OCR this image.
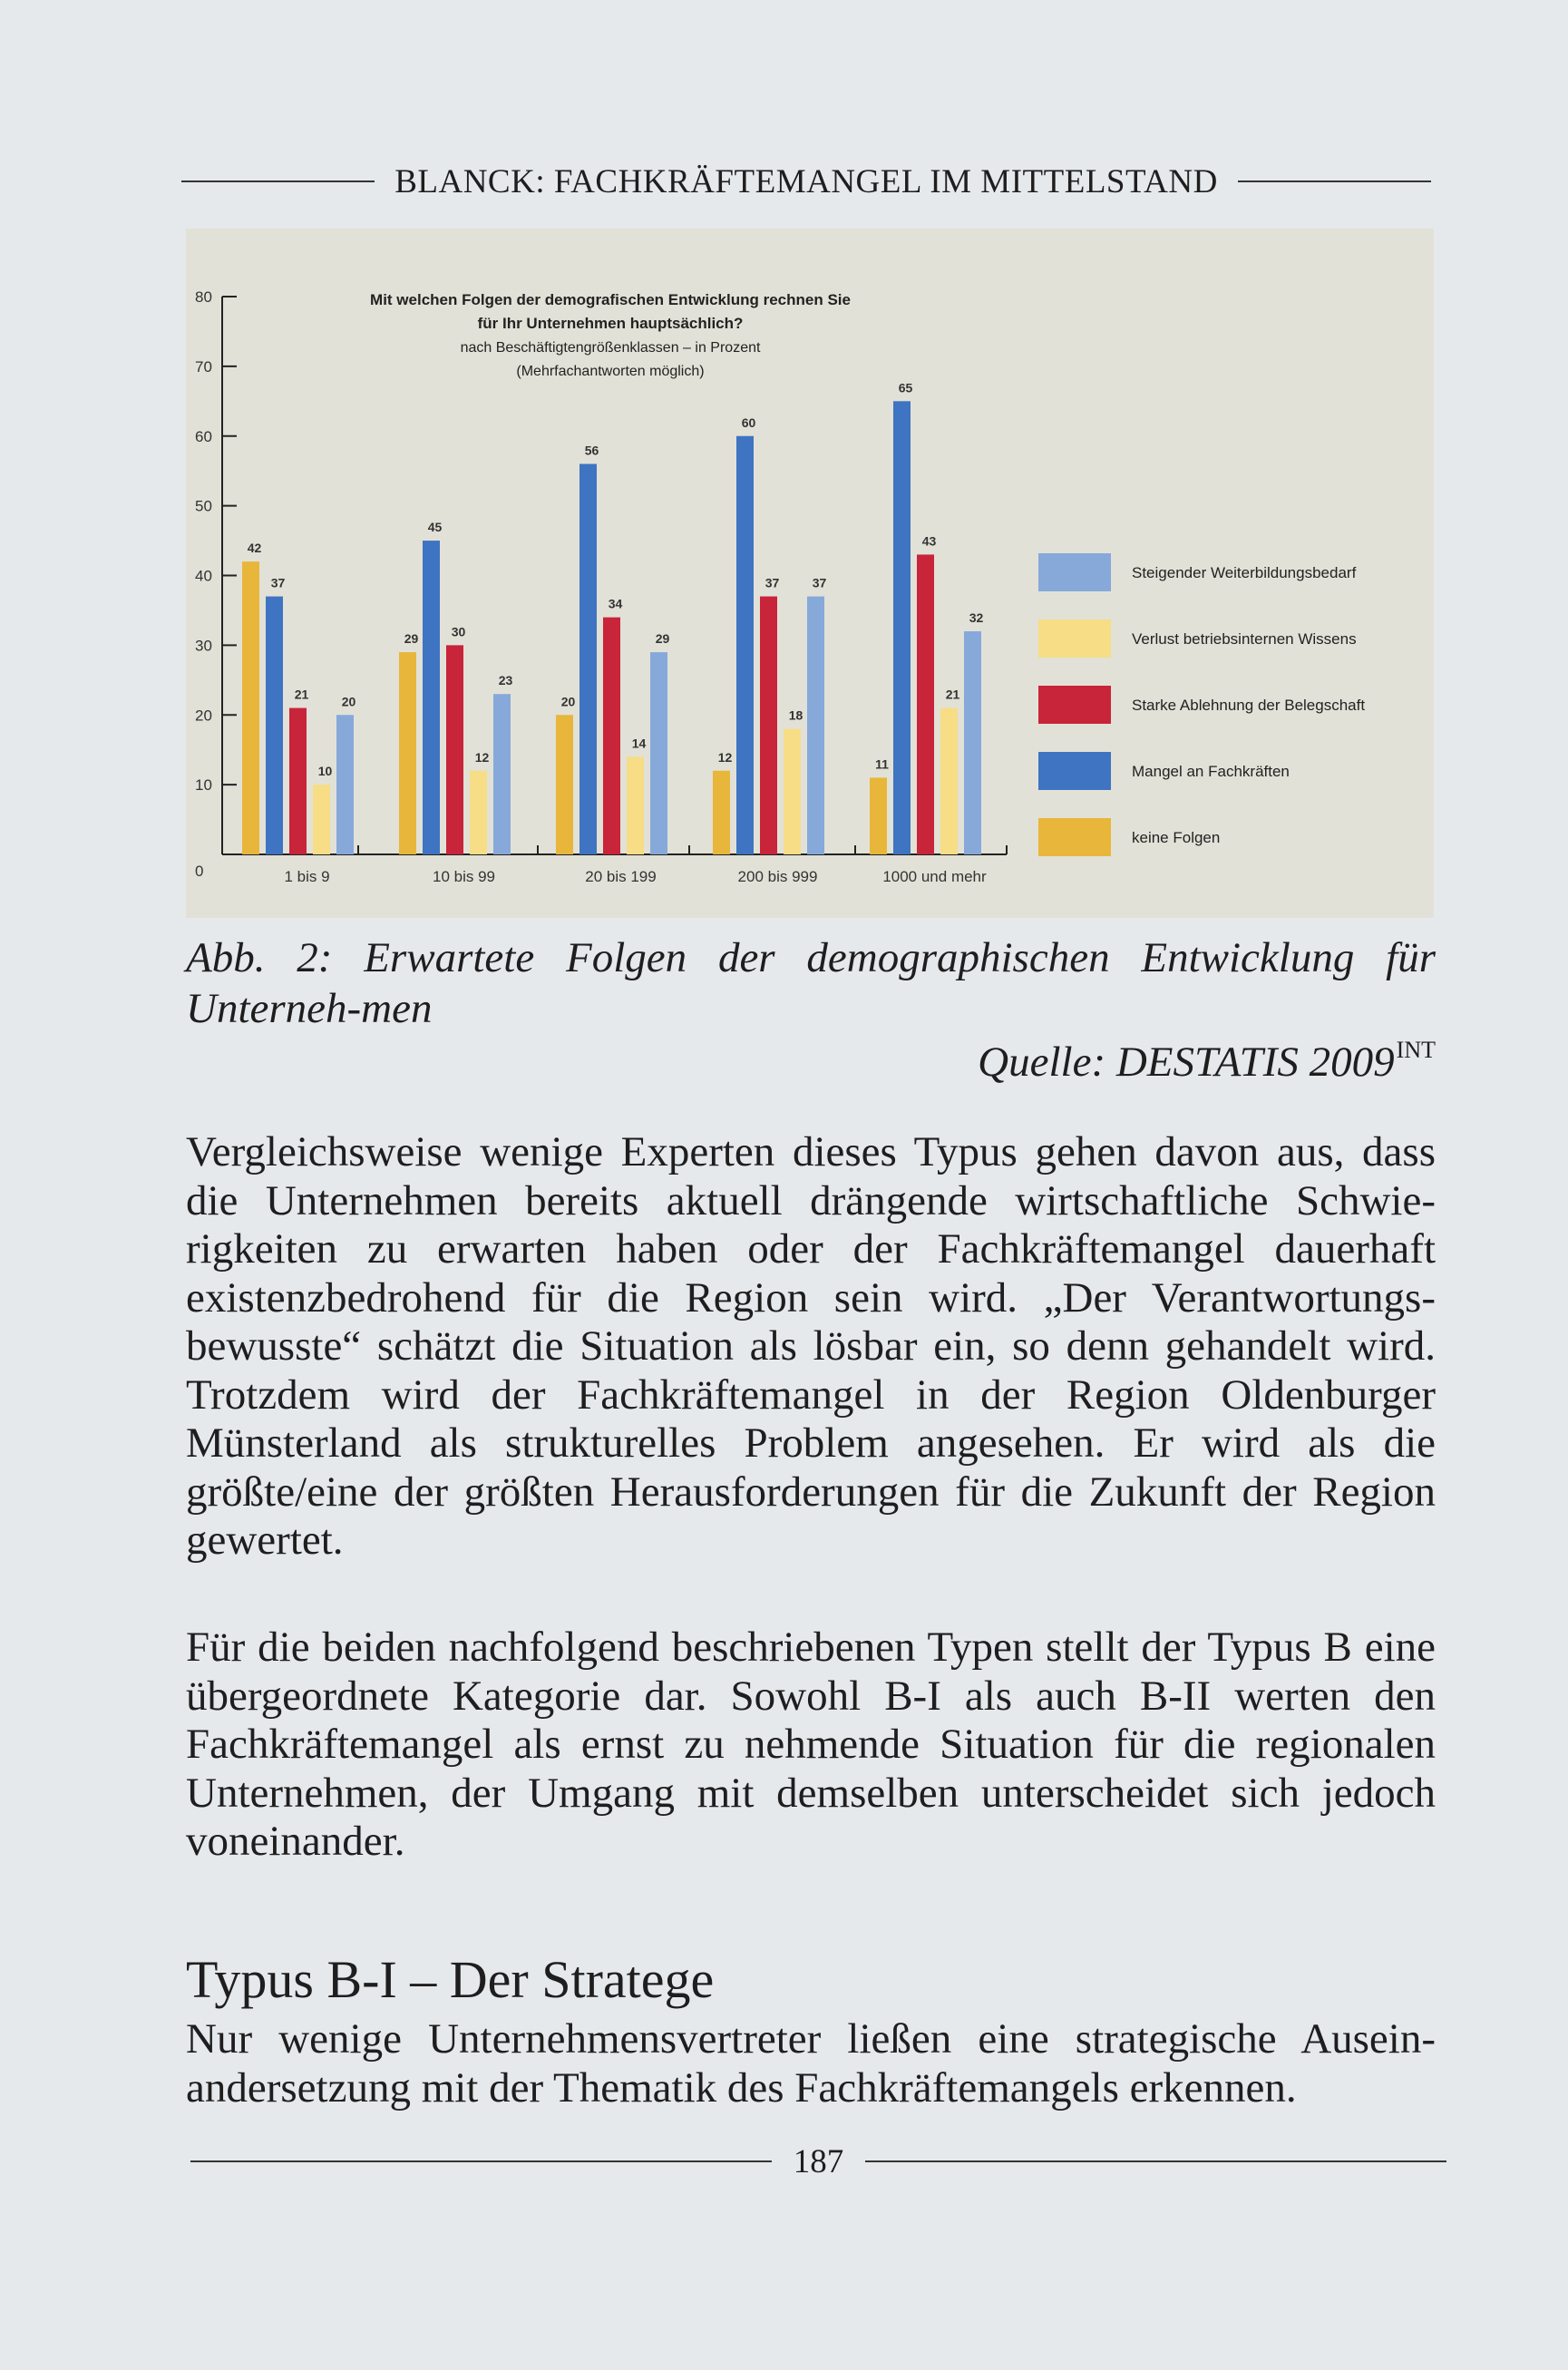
BLANCK: FACHKRÄFTEMANGEL IM MITTELSTAND
0
10
20
30
40
50
60
70
80
42
37
21
10
20
1 bis 9
29
45
30
12
23
10 bis 99
20
56
34
14
29
20 bis 199
12
60
37
18
37
200 bis 999
11
65
43
21
32
1000 und mehr
Mit welchen Folgen der demografischen Entwicklung rechnen Sie
für Ihr Unternehmen hauptsächlich?
nach Beschäftigtengrößenklassen – in Prozent
(Mehrfachantworten möglich)
Steigender Weiterbildungsbedarf
Verlust betriebsinternen Wissens
Starke Ablehnung der Belegschaft
Mangel an Fachkräften
keine Folgen
Abb. 2: Erwartete Folgen der demographischen Entwicklung für Unterneh-men
Quelle: DESTATIS $2009^{INT}$
Vergleichsweise wenige Experten dieses Typus gehen davon aus, dass die Unternehmen bereits aktuell drängende wirtschaftliche Schwierigkeiten zu erwarten haben oder der Fachkräftemangel dauerhaft existenzbedrohend für die Region sein wird. „Der Verantwortungsbewusste“ schätzt die Situation als lösbar ein, so denn gehandelt wird. Trotzdem wird der Fachkräftemangel in der Region Oldenburger Münsterland als strukturelles Problem angesehen. Er wird als die größte/eine der größten Herausforderungen für die Zukunft der Region gewertet.
Für die beiden nachfolgend beschriebenen Typen stellt der Typus B eine übergeordnete Kategorie dar. Sowohl B-I als auch B-II werten den Fachkräftemangel als ernst zu nehmende Situation für die regionalen Unternehmen, der Umgang mit demselben unterscheidet sich jedoch voneinander.
Typus B-I – Der Stratege
Nur wenige Unternehmensvertreter ließen eine strategische Auseinandersetzung mit der Thematik des Fachkräftemangels erkennen.
187
